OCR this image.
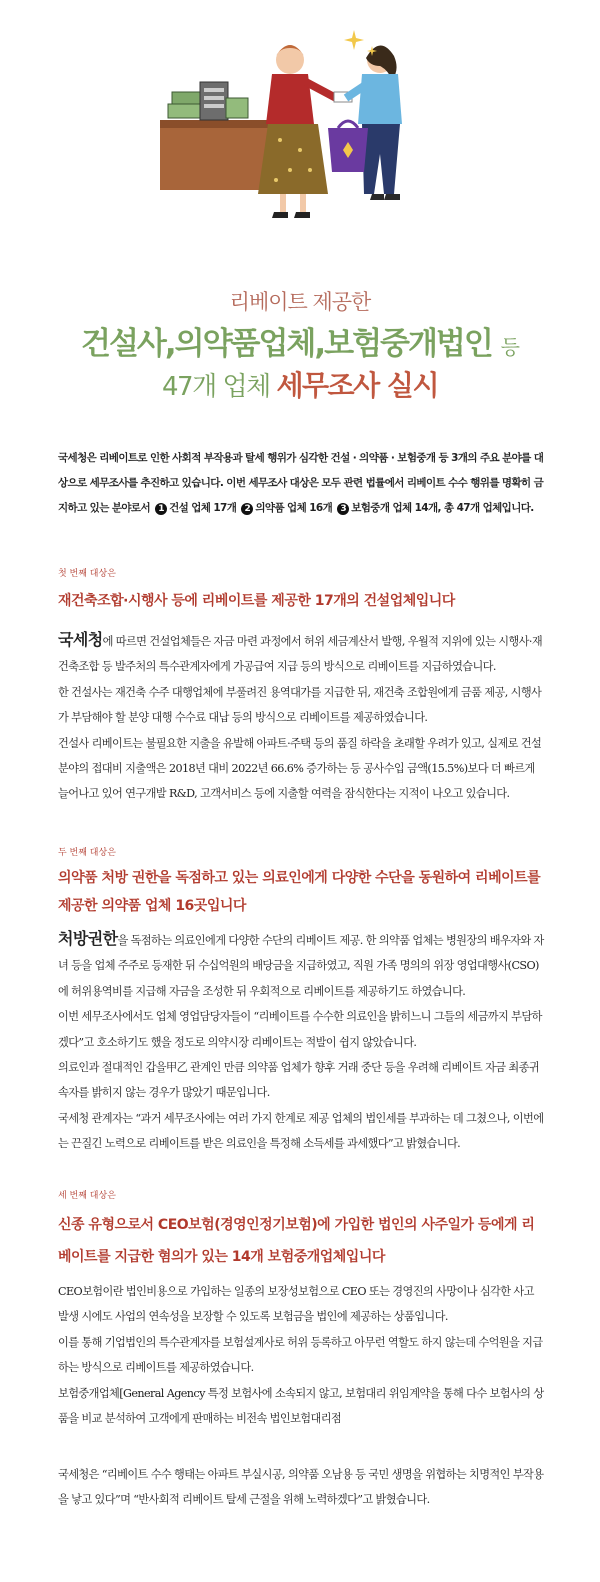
리베이트 제공한
건설사,의약품업체,보험중개법인 등
47개 업체 세무조사 실시
국세청은 리베이트로 인한 사회적 부작용과 탈세 행위가 심각한 건설 · 의약품 · 보험중개 등 3개의 주요 분야를 대상으로 세무조사를 추진하고 있습니다. 이번 세무조사 대상은 모두 관련 법률에서 리베이트 수수 행위를 명확히 금지하고 있는 분야로서 1 건설 업체 17개 2 의약품 업체 16개 3 보험중개 업체 14개, 총 47개 업체입니다.
첫 번째 대상은
재건축조합·시행사 등에 리베이트를 제공한 17개의 건설업체입니다

국세청에 따르면 건설업체들은 자금 마련 과정에서 허위 세금계산서 발행, 우월적 지위에 있는 시행사·재건축조합 등 발주처의 특수관계자에게 가공급여 지급 등의 방식으로 리베이트를 지급하였습니다.

한 건설사는 재건축 수주 대행업체에 부풀려진 용역대가를 지급한 뒤, 재건축 조합원에게 금품 제공, 시행사가 부담해야 할 분양 대행 수수료 대납 등의 방식으로 리베이트를 제공하였습니다.

건설사 리베이트는 불필요한 지출을 유발해 아파트·주택 등의 품질 하락을 초래할 우려가 있고, 실제로 건설 분야의 접대비 지출액은 2018년 대비 2022년 66.6% 증가하는 등 공사수입 금액(15.5%)보다 더 빠르게 늘어나고 있어 연구개발 R&D, 고객서비스 등에 지출할 여력을 잠식한다는 지적이 나오고 있습니다.

두 번째 대상은
의약품 처방 권한을 독점하고 있는 의료인에게 다양한 수단을 동원하여 리베이트를 제공한 의약품 업체 16곳입니다

처방권한을 독점하는 의료인에게 다양한 수단의 리베이트 제공. 한 의약품 업체는 병원장의 배우자와 자녀 등을 업체 주주로 등재한 뒤 수십억원의 배당금을 지급하였고, 직원 가족 명의의 위장 영업대행사(CSO)에 허위용역비를 지급해 자금을 조성한 뒤 우회적으로 리베이트를 제공하기도 하였습니다.

이번 세무조사에서도 업체 영업담당자들이 “리베이트를 수수한 의료인을 밝히느니 그들의 세금까지 부담하겠다”고 호소하기도 했을 정도로 의약시장 리베이트는 적발이 쉽지 않았습니다.

의료인과 절대적인 갑을甲乙 관계인 만큼 의약품 업체가 향후 거래 중단 등을 우려해 리베이트 자금 최종귀속자를 밝히지 않는 경우가 많았기 때문입니다.

국세청 관계자는 “과거 세무조사에는 여러 가지 한계로 제공 업체의 법인세를 부과하는 데 그쳤으나, 이번에는 끈질긴 노력으로 리베이트를 받은 의료인을 특정해 소득세를 과세했다”고 밝혔습니다.

세 번째 대상은
신종 유형으로서 CEO보험(경영인정기보험)에 가입한 법인의 사주일가 등에게 리베이트를 지급한 혐의가 있는 14개 보험중개업체입니다

CEO보험이란 법인비용으로 가입하는 일종의 보장성보험으로 CEO 또는 경영진의 사망이나 심각한 사고 발생 시에도 사업의 연속성을 보장할 수 있도록 보험금을 법인에 제공하는 상품입니다.

이를 통해 기업법인의 특수관계자를 보험설계사로 허위 등록하고 아무런 역할도 하지 않는데 수억원을 지급하는 방식으로 리베이트를 제공하였습니다.

보험중개업체[General Agency 특정 보험사에 소속되지 않고, 보험대리 위임계약을 통해 다수 보험사의 상품을 비교 분석하여 고객에게 판매하는 비전속 법인보험대리점

국세청은 “리베이트 수수 행태는 아파트 부실시공, 의약품 오남용 등 국민 생명을 위협하는 치명적인 부작용을 낳고 있다”며 “반사회적 리베이트 탈세 근절을 위해 노력하겠다”고 밝혔습니다.
